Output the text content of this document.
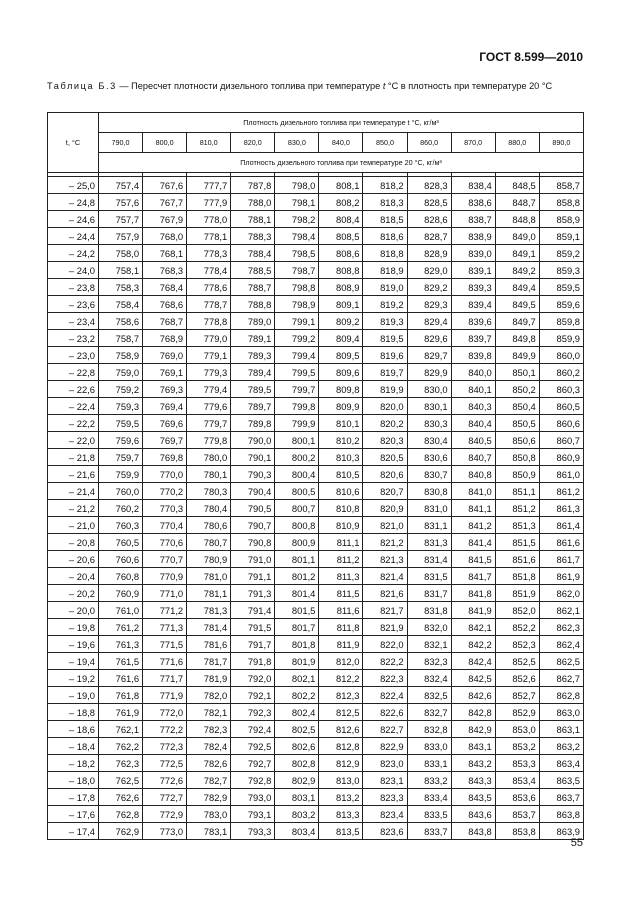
ГОСТ 8.599—2010
Таблица Б.3 — Пересчет плотности дизельного топлива при температуре t °С в плотность при температуре 20 °С
t, °С	Плотность дизельного топлива при температуре t °С, кг/м³										
	790,0	800,0	810,0	820,0	830,0	840,0	850,0	860,0	870,0	880,0	890,0
	Плотность дизельного топлива при температуре 20 °С, кг/м³										

– 25,0	757,4	767,6	777,7	787,8	798,0	808,1	818,2	828,3	838,4	848,5	858,7
– 24,8	757,6	767,7	777,9	788,0	798,1	808,2	818,3	828,5	838,6	848,7	858,8
– 24,6	757,7	767,9	778,0	788,1	798,2	808,4	818,5	828,6	838,7	848,8	858,9
– 24,4	757,9	768,0	778,1	788,3	798,4	808,5	818,6	828,7	838,9	849,0	859,1
– 24,2	758,0	768,1	778,3	788,4	798,5	808,6	818,8	828,9	839,0	849,1	859,2
– 24,0	758,1	768,3	778,4	788,5	798,7	808,8	818,9	829,0	839,1	849,2	859,3
– 23,8	758,3	768,4	778,6	788,7	798,8	808,9	819,0	829,2	839,3	849,4	859,5
– 23,6	758,4	768,6	778,7	788,8	798,9	809,1	819,2	829,3	839,4	849,5	859,6
– 23,4	758,6	768,7	778,8	789,0	799,1	809,2	819,3	829,4	839,6	849,7	859,8
– 23,2	758,7	768,9	779,0	789,1	799,2	809,4	819,5	829,6	839,7	849,8	859,9
– 23,0	758,9	769,0	779,1	789,3	799,4	809,5	819,6	829,7	839,8	849,9	860,0
– 22,8	759,0	769,1	779,3	789,4	799,5	809,6	819,7	829,9	840,0	850,1	860,2
– 22,6	759,2	769,3	779,4	789,5	799,7	809,8	819,9	830,0	840,1	850,2	860,3
– 22,4	759,3	769,4	779,6	789,7	799,8	809,9	820,0	830,1	840,3	850,4	860,5
– 22,2	759,5	769,6	779,7	789,8	799,9	810,1	820,2	830,3	840,4	850,5	860,6
– 22,0	759,6	769,7	779,8	790,0	800,1	810,2	820,3	830,4	840,5	850,6	860,7
– 21,8	759,7	769,8	780,0	790,1	800,2	810,3	820,5	830,6	840,7	850,8	860,9
– 21,6	759,9	770,0	780,1	790,3	800,4	810,5	820,6	830,7	840,8	850,9	861,0
– 21,4	760,0	770,2	780,3	790,4	800,5	810,6	820,7	830,8	841,0	851,1	861,2
– 21,2	760,2	770,3	780,4	790,5	800,7	810,8	820,9	831,0	841,1	851,2	861,3
– 21,0	760,3	770,4	780,6	790,7	800,8	810,9	821,0	831,1	841,2	851,3	861,4
– 20,8	760,5	770,6	780,7	790,8	800,9	811,1	821,2	831,3	841,4	851,5	861,6
– 20,6	760,6	770,7	780,9	791,0	801,1	811,2	821,3	831,4	841,5	851,6	861,7
– 20,4	760,8	770,9	781,0	791,1	801,2	811,3	821,4	831,5	841,7	851,8	861,9
– 20,2	760,9	771,0	781,1	791,3	801,4	811,5	821,6	831,7	841,8	851,9	862,0
– 20,0	761,0	771,2	781,3	791,4	801,5	811,6	821,7	831,8	841,9	852,0	862,1
– 19,8	761,2	771,3	781,4	791,5	801,7	811,8	821,9	832,0	842,1	852,2	862,3
– 19,6	761,3	771,5	781,6	791,7	801,8	811,9	822,0	832,1	842,2	852,3	862,4
– 19,4	761,5	771,6	781,7	791,8	801,9	812,0	822,2	832,3	842,4	852,5	862,5
– 19,2	761,6	771,7	781,9	792,0	802,1	812,2	822,3	832,4	842,5	852,6	862,7
– 19,0	761,8	771,9	782,0	792,1	802,2	812,3	822,4	832,5	842,6	852,7	862,8
– 18,8	761,9	772,0	782,1	792,3	802,4	812,5	822,6	832,7	842,8	852,9	863,0
– 18,6	762,1	772,2	782,3	792,4	802,5	812,6	822,7	832,8	842,9	853,0	863,1
– 18,4	762,2	772,3	782,4	792,5	802,6	812,8	822,9	833,0	843,1	853,2	863,2
– 18,2	762,3	772,5	782,6	792,7	802,8	812,9	823,0	833,1	843,2	853,3	863,4
– 18,0	762,5	772,6	782,7	792,8	802,9	813,0	823,1	833,2	843,3	853,4	863,5
– 17,8	762,6	772,7	782,9	793,0	803,1	813,2	823,3	833,4	843,5	853,6	863,7
– 17,6	762,8	772,9	783,0	793,1	803,2	813,3	823,4	833,5	843,6	853,7	863,8
– 17,4	762,9	773,0	783,1	793,3	803,4	813,5	823,6	833,7	843,8	853,8	863,9
55
